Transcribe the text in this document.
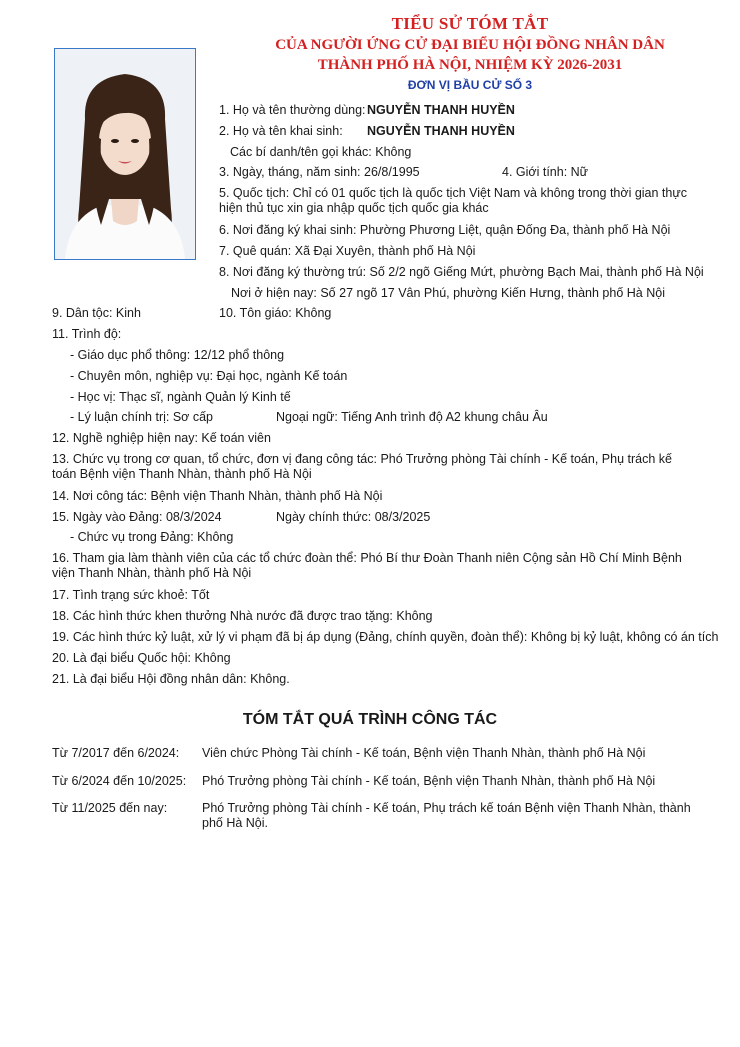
TIỂU SỬ TÓM TẮT
CỦA NGƯỜI ỨNG CỬ ĐẠI BIỂU HỘI ĐỒNG NHÂN DÂN
THÀNH PHỐ HÀ NỘI, NHIỆM KỲ 2026-2031
ĐƠN VỊ BẦU CỬ SỐ 3
1. Họ và tên thường dùng: NGUYỄN THANH HUYỀN
2. Họ và tên khai sinh: NGUYỄN THANH HUYỀN
Các bí danh/tên gọi khác: Không
3. Ngày, tháng, năm sinh: 26/8/1995	4. Giới tính: Nữ
5. Quốc tịch: Chỉ có 01 quốc tịch là quốc tịch Việt Nam và không trong thời gian thực hiện thủ tục xin gia nhập quốc tịch quốc gia khác
6. Nơi đăng ký khai sinh: Phường Phương Liệt, quận Đống Đa, thành phố Hà Nội
7. Quê quán: Xã Đại Xuyên, thành phố Hà Nội
8. Nơi đăng ký thường trú: Số 2/2 ngõ Giếng Mứt, phường Bạch Mai, thành phố Hà Nội
Nơi ở hiện nay: Số 27 ngõ 17 Vân Phú, phường Kiến Hưng, thành phố Hà Nội
9. Dân tộc: Kinh	10. Tôn giáo: Không
11. Trình độ:
- Giáo dục phổ thông: 12/12 phổ thông
- Chuyên môn, nghiệp vụ: Đại học, ngành Kế toán
- Học vị: Thạc sĩ, ngành Quản lý Kinh tế
- Lý luận chính trị: Sơ cấp	Ngoại ngữ: Tiếng Anh trình độ A2 khung châu Âu
12. Nghề nghiệp hiện nay: Kế toán viên
13. Chức vụ trong cơ quan, tổ chức, đơn vị đang công tác: Phó Trưởng phòng Tài chính - Kế toán, Phụ trách kế toán Bệnh viện Thanh Nhàn, thành phố Hà Nội
14. Nơi công tác: Bệnh viện Thanh Nhàn, thành phố Hà Nội
15. Ngày vào Đảng: 08/3/2024	Ngày chính thức: 08/3/2025
- Chức vụ trong Đảng: Không
16. Tham gia làm thành viên của các tổ chức đoàn thể: Phó Bí thư Đoàn Thanh niên Cộng sản Hồ Chí Minh Bệnh viện Thanh Nhàn, thành phố Hà Nội
17. Tình trạng sức khoẻ: Tốt
18. Các hình thức khen thưởng Nhà nước đã được trao tặng: Không
19. Các hình thức kỷ luật, xử lý vi phạm đã bị áp dụng (Đảng, chính quyền, đoàn thể): Không bị kỷ luật, không có án tích
20. Là đại biểu Quốc hội: Không
21. Là đại biểu Hội đồng nhân dân: Không.
TÓM TẮT QUÁ TRÌNH CÔNG TÁC
Từ 7/2017 đến 6/2024: Viên chức Phòng Tài chính - Kế toán, Bệnh viện Thanh Nhàn, thành phố Hà Nội
Từ 6/2024 đến 10/2025: Phó Trưởng phòng Tài chính - Kế toán, Bệnh viện Thanh Nhàn, thành phố Hà Nội
Từ 11/2025 đến nay:	Phó Trưởng phòng Tài chính - Kế toán, Phụ trách kế toán Bệnh viện Thanh Nhàn, thành phố Hà Nội.
